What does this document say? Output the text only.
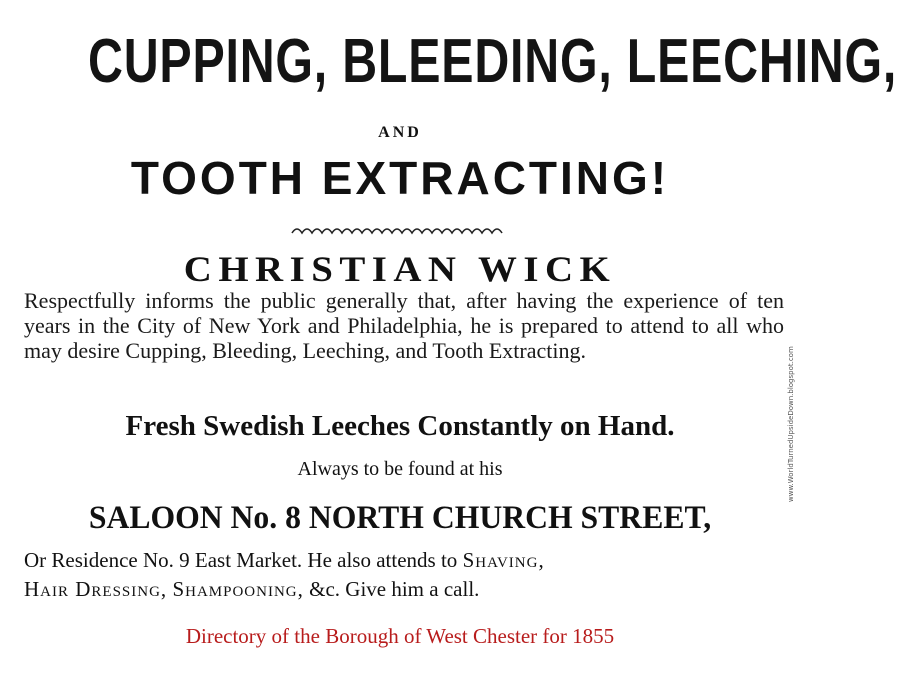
CUPPING, BLEEDING, LEECHING,
AND
TOOTH EXTRACTING!
CHRISTIAN WICK
Respectfully informs the public generally that, after having the experience of ten years in the City of New York and Philadelphia, he is prepared to attend to all who may desire Cupping, Bleeding, Leeching, and Tooth Extracting.
Fresh Swedish Leeches Constantly on Hand.
Always to be found at his
SALOON No. 8 NORTH CHURCH STREET,
Or Residence No. 9 East Market. He also attends to Shaving,
Hair Dressing, Shampooning, &c. Give him a call.
Directory of the Borough of West Chester for 1855
www.WorldTurnedUpsideDown.blogspot.com
